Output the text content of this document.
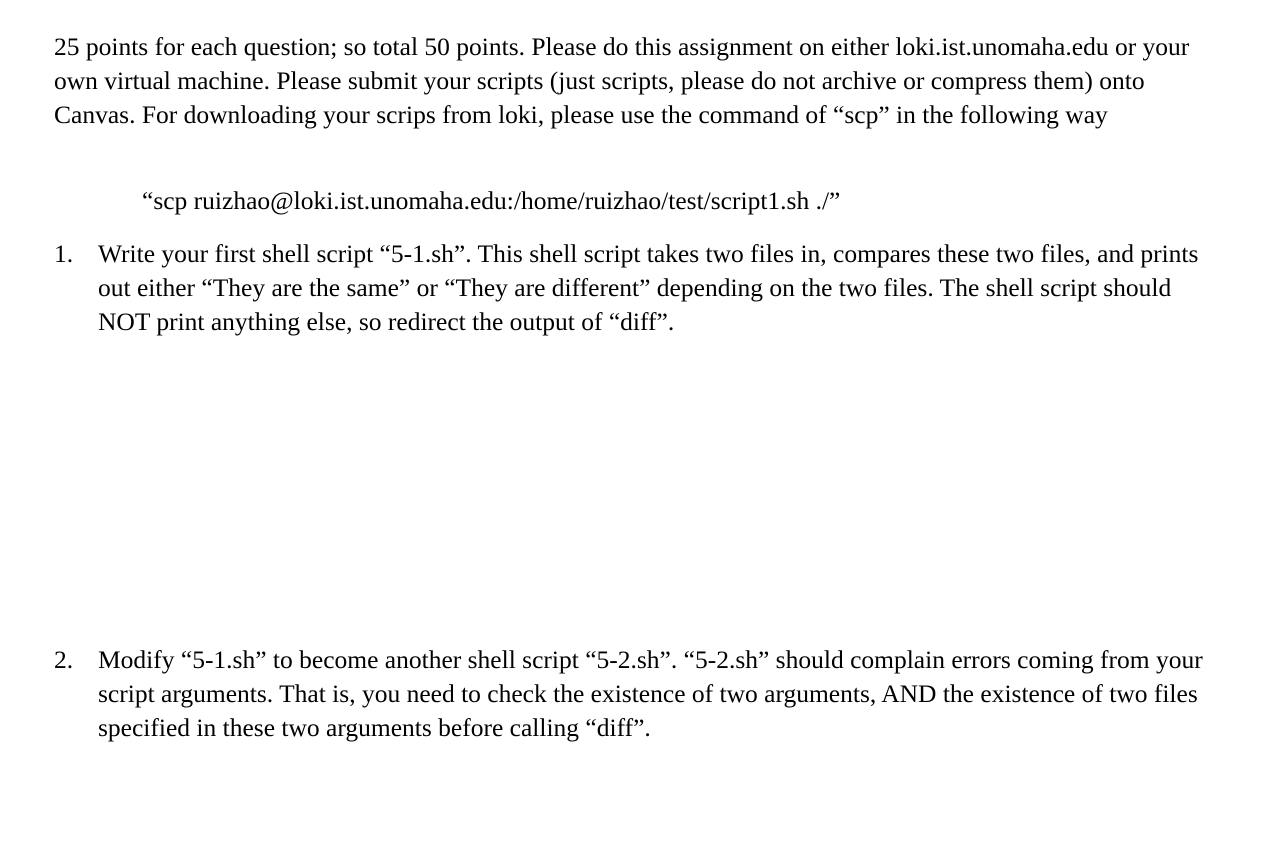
25 points for each question; so total 50 points. Please do this assignment on either loki.ist.unomaha.edu or your own virtual machine. Please submit your scripts (just scripts, please do not archive or compress them) onto Canvas. For downloading your scrips from loki, please use the command of “scp” in the following way

“scp ruizhao@loki.ist.unomaha.edu:/home/ruizhao/test/script1.sh ./”

1. Write your first shell script “5-1.sh”. This shell script takes two files in, compares these two files, and prints out either “They are the same” or “They are different” depending on the two files. The shell script should NOT print anything else, so redirect the output of “diff”.

2. Modify “5-1.sh” to become another shell script “5-2.sh”. “5-2.sh” should complain errors coming from your script arguments. That is, you need to check the existence of two arguments, AND the existence of two files specified in these two arguments before calling “diff”.
